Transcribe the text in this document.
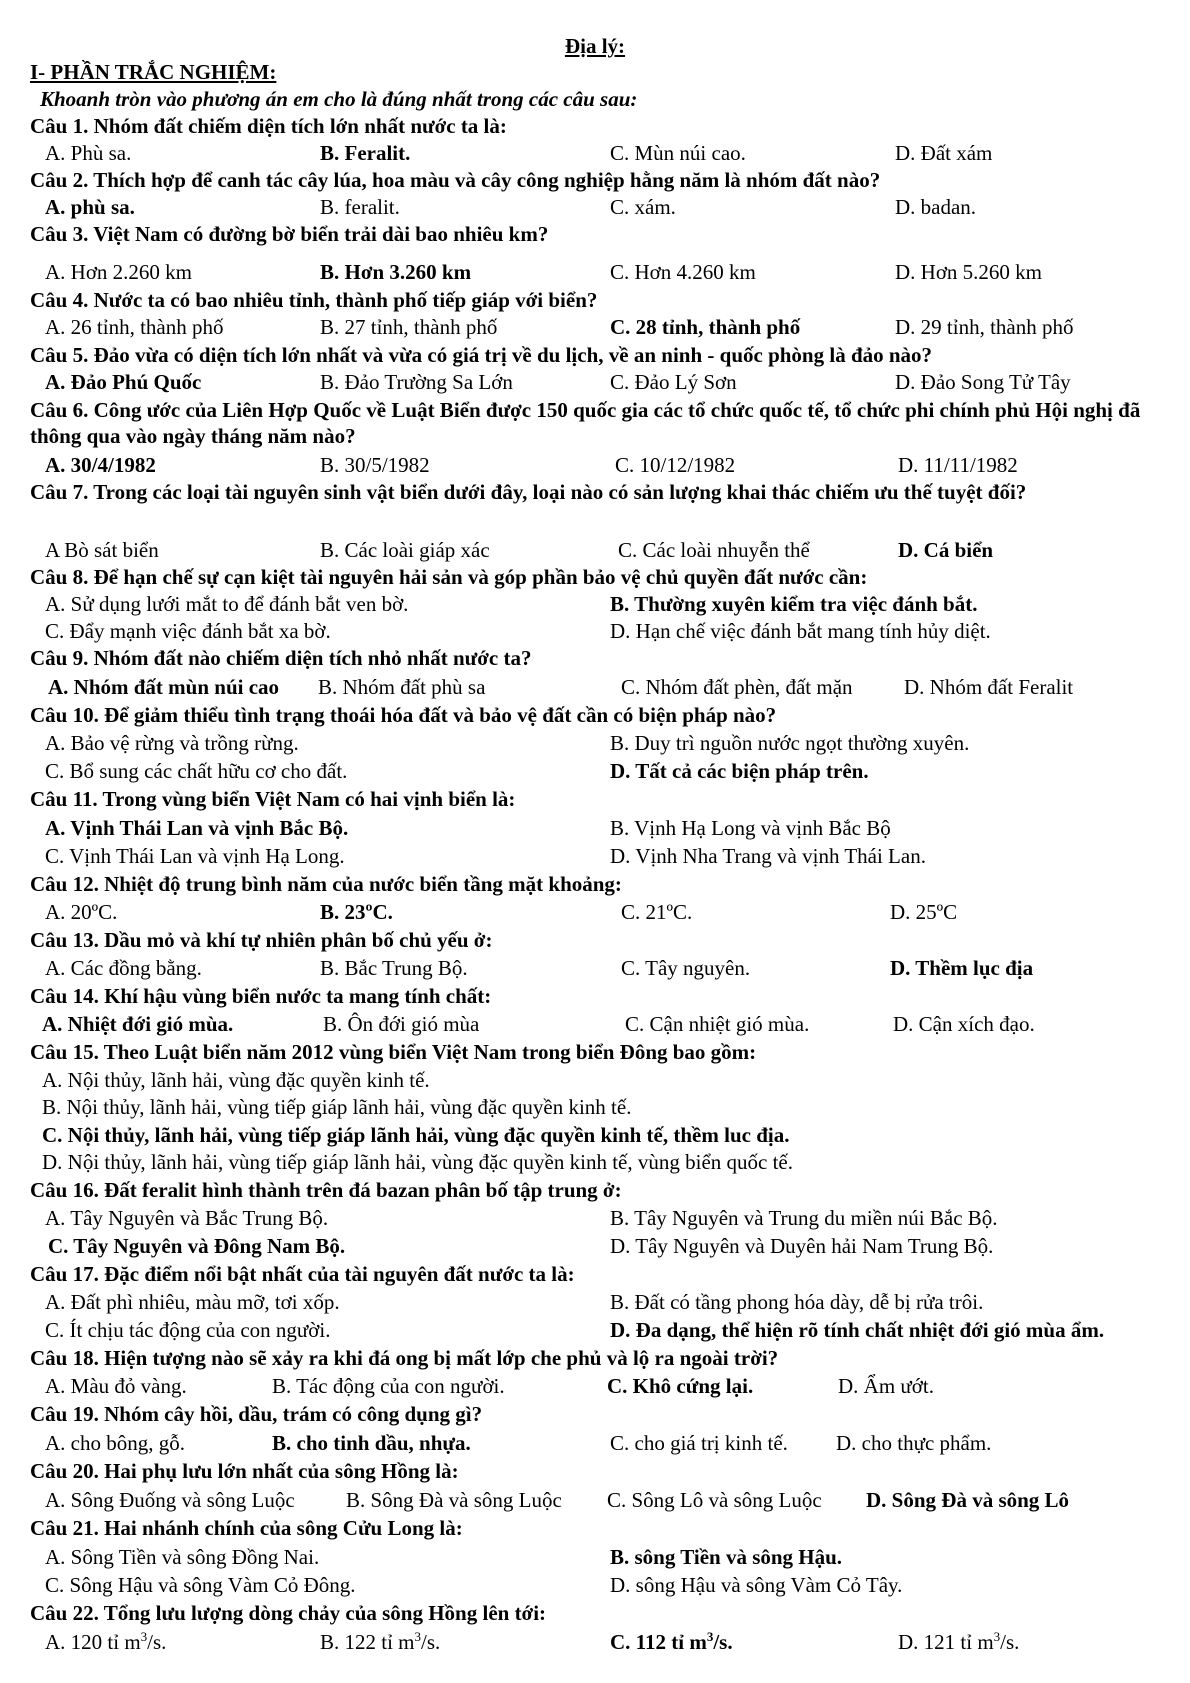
Địa lý:
I- PHẦN TRẮC NGHIỆM:
Khoanh tròn vào phương án em cho là đúng nhất trong các câu sau:
Câu 1. Nhóm đất chiếm diện tích lớn nhất nước ta là:
A. Phù sa.	B. Feralit.	C. Mùn núi cao.	D. Đất xám
Câu 2. Thích hợp để canh tác cây lúa, hoa màu và cây công nghiệp hằng năm là nhóm đất nào?
A. phù sa.	B. feralit.	C. xám.	D. badan.
Câu 3. Việt Nam có đường bờ biển trải dài bao nhiêu km?
A. Hơn 2.260 km	B. Hơn 3.260 km	C. Hơn 4.260 km	D. Hơn 5.260 km
Câu 4. Nước ta có bao nhiêu tỉnh, thành phố tiếp giáp với biển?
A. 26 tỉnh, thành phố	B. 27 tỉnh, thành phố	C. 28 tỉnh, thành phố	D. 29 tỉnh, thành phố
Câu 5. Đảo vừa có diện tích lớn nhất và vừa có giá trị về du lịch, về an ninh - quốc phòng là đảo nào?
A. Đảo Phú Quốc	B. Đảo Trường Sa Lớn	C. Đảo Lý Sơn	D. Đảo Song Tử Tây
Câu 6. Công ước của Liên Hợp Quốc về Luật Biển được 150 quốc gia các tổ chức quốc tế, tổ chức phi chính phủ Hội nghị đã thông qua vào ngày tháng năm nào?
A. 30/4/1982	B. 30/5/1982	C. 10/12/1982	D. 11/11/1982
Câu 7. Trong các loại tài nguyên sinh vật biển dưới đây, loại nào có sản lượng khai thác chiếm ưu thế tuyệt đối?
A Bò sát biển	B. Các loài giáp xác	C. Các loài nhuyễn thể	D. Cá biển
Câu 8. Để hạn chế sự cạn kiệt tài nguyên hải sản và góp phần bảo vệ chủ quyền đất nước cần:
A. Sử dụng lưới mắt to để đánh bắt ven bờ.	B. Thường xuyên kiểm tra việc đánh bắt.
C. Đẩy mạnh việc đánh bắt xa bờ.	D. Hạn chế việc đánh bắt mang tính hủy diệt.
Câu 9. Nhóm đất nào chiếm diện tích nhỏ nhất nước ta?
A. Nhóm đất mùn núi cao B. Nhóm đất phù sa	C. Nhóm đất phèn, đất mặn D. Nhóm đất Feralit
Câu 10. Để giảm thiểu tình trạng thoái hóa đất và bảo vệ đất cần có biện pháp nào?
A. Bảo vệ rừng và trồng rừng.	B. Duy trì nguồn nước ngọt thường xuyên.
C. Bổ sung các chất hữu cơ cho đất.	D. Tất cả các biện pháp trên.
Câu 11. Trong vùng biển Việt Nam có hai vịnh biển là:
A. Vịnh Thái Lan và vịnh Bắc Bộ.	B. Vịnh Hạ Long và vịnh Bắc Bộ
C. Vịnh Thái Lan và vịnh Hạ Long.	D. Vịnh Nha Trang và vịnh Thái Lan.
Câu 12. Nhiệt độ trung bình năm của nước biển tầng mặt khoảng:
A. 20ºC.	B. 23ºC.	C. 21ºC.	D. 25ºC
Câu 13. Dầu mỏ và khí tự nhiên phân bố chủ yếu ở:
A. Các đồng bằng.	B. Bắc Trung Bộ.	C. Tây nguyên.	D. Thềm lục địa
Câu 14. Khí hậu vùng biển nước ta mang tính chất:
A. Nhiệt đới gió mùa.	B. Ôn đới gió mùa	C. Cận nhiệt gió mùa.	D. Cận xích đạo.
Câu 15. Theo Luật biển năm 2012 vùng biển Việt Nam trong biển Đông bao gồm:
A. Nội thủy, lãnh hải, vùng đặc quyền kinh tế.
B. Nội thủy, lãnh hải, vùng tiếp giáp lãnh hải, vùng đặc quyền kinh tế.
C. Nội thủy, lãnh hải, vùng tiếp giáp lãnh hải, vùng đặc quyền kinh tế, thềm luc địa.
D. Nội thủy, lãnh hải, vùng tiếp giáp lãnh hải, vùng đặc quyền kinh tế, vùng biển quốc tế.
Câu 16. Đất feralit hình thành trên đá bazan phân bố tập trung ở:
A. Tây Nguyên và Bắc Trung Bộ.	B. Tây Nguyên và Trung du miền núi Bắc Bộ.
C. Tây Nguyên và Đông Nam Bộ.	D. Tây Nguyên và Duyên hải Nam Trung Bộ.
Câu 17. Đặc điểm nổi bật nhất của tài nguyên đất nước ta là:
A. Đất phì nhiêu, màu mỡ, tơi xốp.	B. Đất có tầng phong hóa dày, dễ bị rửa trôi.
C. Ít chịu tác động của con người.	D. Đa dạng, thể hiện rõ tính chất nhiệt đới gió mùa ẩm.
Câu 18. Hiện tượng nào sẽ xảy ra khi đá ong bị mất lớp che phủ và lộ ra ngoài trời?
A. Màu đỏ vàng.	B. Tác động của con người.	C. Khô cứng lại.	D. Ẩm ướt.
Câu 19. Nhóm cây hồi, dầu, trám có công dụng gì?
A. cho bông, gỗ.	B. cho tinh dầu, nhựa.	C. cho giá trị kinh tế. D. cho thực phẩm.
Câu 20. Hai phụ lưu lớn nhất của sông Hồng là:
A. Sông Đuống và sông Luộc B. Sông Đà và sông Luộc C. Sông Lô và sông Luộc D. Sông Đà và sông Lô
Câu 21. Hai nhánh chính của sông Cửu Long là:
A. Sông Tiền và sông Đồng Nai.	B. sông Tiền và sông Hậu.
C. Sông Hậu và sông Vàm Cỏ Đông.	D. sông Hậu và sông Vàm Cỏ Tây.
Câu 22. Tổng lưu lượng dòng chảy của sông Hồng lên tới:
A. 120 tỉ $m^3/s$.	B. 122 tỉ $m^3/s$.	C. 112 tỉ $m^3/s$.	D. 121 tỉ $m^3/s$.
